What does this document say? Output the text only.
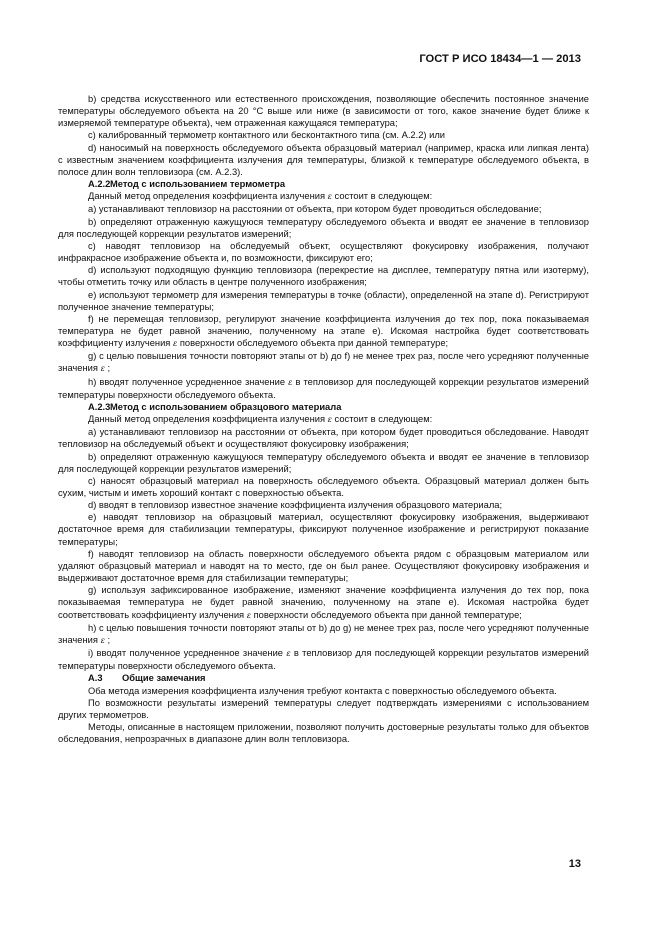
ГОСТ Р ИСО 18434—1 — 2013
b) средства искусственного или естественного происхождения, позволяющие обеспечить постоянное значение температуры обследуемого объекта на 20 °С выше или ниже (в зависимости от того, какое значение будет ближе к измеряемой температуре объекта), чем отраженная кажущаяся температура;
с) калиброванный термометр контактного или бесконтактного типа (см. А.2.2) или
d) наносимый на поверхность обследуемого объекта образцовый материал (например, краска или липкая лента) с известным значением коэффициента излучения для температуры, близкой к температуре обследуемого объекта, в полосе длин волн тепловизора (см. А.2.3).
А.2.2Метод с использованием термометра
Данный метод определения коэффициента излучения ε состоит в следующем:
а) устанавливают тепловизор на расстоянии от объекта, при котором будет проводиться обследование;
b) определяют отраженную кажущуюся температуру обследуемого объекта и вводят ее значение в тепловизор для последующей коррекции результатов измерений;
с) наводят тепловизор на обследуемый объект, осуществляют фокусировку изображения, получают инфракрасное изображение объекта и, по возможности, фиксируют его;
d) используют подходящую функцию тепловизора (перекрестие на дисплее, температуру пятна или изотерму), чтобы отметить точку или область в центре полученного изображения;
е) используют термометр для измерения температуры в точке (области), определенной на этапе d). Регистрируют полученное значение температуры;
f) не перемещая тепловизор, регулируют значение коэффициента излучения до тех пор, пока показываемая температура не будет равной значению, полученному на этапе е). Искомая настройка будет соответствовать коэффициенту излучения ε поверхности обследуемого объекта при данной температуре;
g) с целью повышения точности повторяют этапы от b) до f) не менее трех раз, после чего усредняют полученные значения ε ;
h) вводят полученное усредненное значение ε в тепловизор для последующей коррекции результатов измерений температуры поверхности обследуемого объекта.
А.2.3Метод с использованием образцового материала
Данный метод определения коэффициента излучения ε состоит в следующем:
а) устанавливают тепловизор на расстоянии от объекта, при котором будет проводиться обследование. Наводят тепловизор на обследуемый объект и осуществляют фокусировку изображения;
b) определяют отраженную кажущуюся температуру обследуемого объекта и вводят ее значение в тепловизор для последующей коррекции результатов измерений;
с) наносят образцовый материал на поверхность обследуемого объекта. Образцовый материал должен быть сухим, чистым и иметь хороший контакт с поверхностью объекта.
d) вводят в тепловизор известное значение коэффициента излучения образцового материала;
е) наводят тепловизор на образцовый материал, осуществляют фокусировку изображения, выдерживают достаточное время для стабилизации температуры, фиксируют полученное изображение и регистрируют показание температуры;
f) наводят тепловизор на область поверхности обследуемого объекта рядом с образцовым материалом или удаляют образцовый материал и наводят на то место, где он был ранее. Осуществляют фокусировку изображения и выдерживают достаточное время для стабилизации температуры;
g) используя зафиксированное изображение, изменяют значение коэффициента излучения до тех пор, пока показываемая температура не будет равной значению, полученному на этапе е). Искомая настройка будет соответствовать коэффициенту излучения ε поверхности обследуемого объекта при данной температуре;
h) с целью повышения точности повторяют этапы от b) до g) не менее трех раз, после чего усредняют полученные значения ε ;
i) вводят полученное усредненное значение ε в тепловизор для последующей коррекции результатов измерений температуры поверхности обследуемого объекта.
А.3 Общие замечания
Оба метода измерения коэффициента излучения требуют контакта с поверхностью обследуемого объекта.
По возможности результаты измерений температуры следует подтверждать измерениями с использованием других термометров.
Методы, описанные в настоящем приложении, позволяют получить достоверные результаты только для объектов обследования, непрозрачных в диапазоне длин волн тепловизора.
13
